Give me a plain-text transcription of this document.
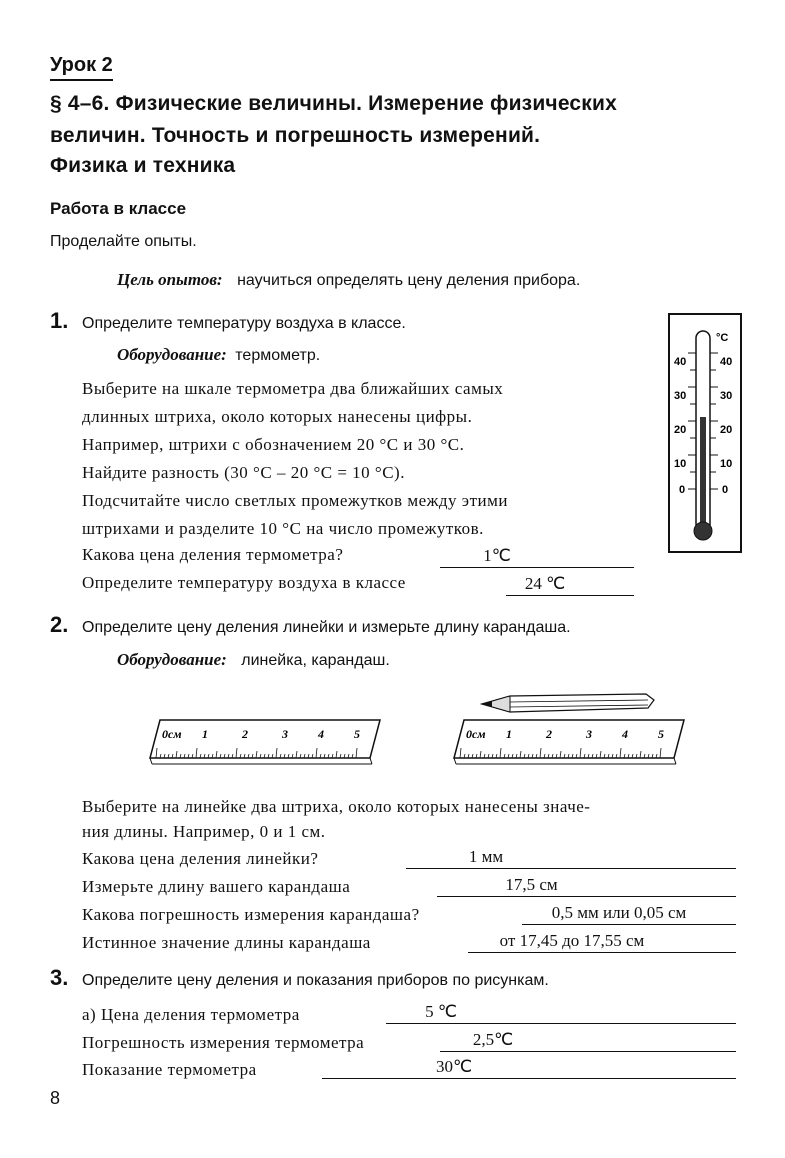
Урок 2
§ 4–6. Физические величины. Измерение физических
величин. Точность и погрешность измерений.
Физика и техника
Работа в классе
Проделайте опыты.
Цель опытов: научиться определять цену деления прибора.
1. Определите температуру воздуха в классе.
Оборудование: термометр.
Выберите на шкале термометра два ближайших самых
длинных штриха, около которых нанесены цифры.
Например, штрихи с обозначением 20 °С и 30 °С.
Найдите разность (30 °С – 20 °С = 10 °С).
Подсчитайте число светлых промежутков между этими
штрихами и разделите 10 °С на число промежутков.
Какова цена деления термометра?	1℃
Определите температуру воздуха в классе	24 ℃
°C
40	40
30	30
20	20
10	10
0	0
2. Определите цену деления линейки и измерьте длину карандаша.
Оборудование: линейка, карандаш.
0см 1	2	3	4	5	0см 1	2	3	4	5
Выберите на линейке два штриха, около которых нанесены значе-
ния длины. Например, 0 и 1 см.
Какова цена деления линейки?	1 мм
Измерьте длину вашего карандаша	17,5 см
Какова погрешность измерения карандаша?	0,5 мм или 0,05 см
Истинное значение длины карандаша	от 17,45 до 17,55 см
3. Определите цену деления и показания приборов по рисункам.
а) Цена деления термометра	5 ℃
Погрешность измерения термометра	2,5℃
Показание термометра	30℃
8
